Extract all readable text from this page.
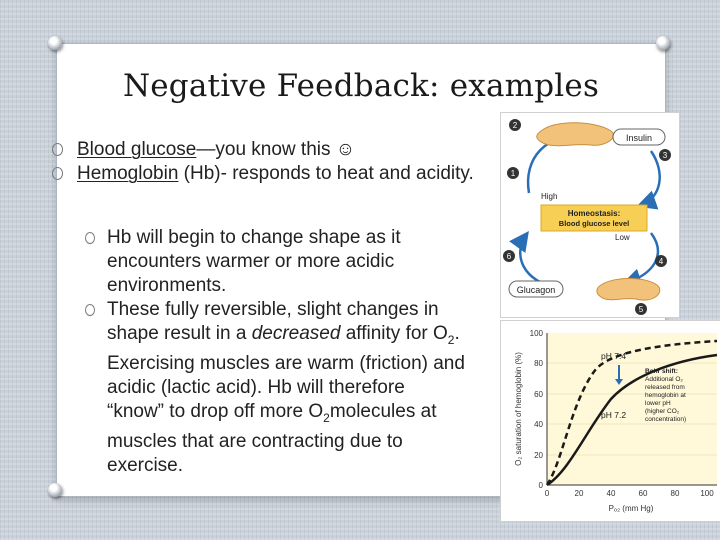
Negative Feedback: examples
Blood glucose—you know this ☺
Hemoglobin (Hb)- responds to heat and acidity.
Hb will begin to change shape as it encounters warmer or more acidic environments.
These fully reversible, slight changes in shape result in a decreased affinity for $O_2$. Exercising muscles are warm (friction) and acidic (lactic acid). Hb will therefore “know” to drop off more $O_2molecules$ at muscles that are contracting due to exercise.
Insulin
Glucagon
Homeostasis:
Blood glucose level
High
Low
2
1
3
6
4
5
0
20
40
60
80
100
0	20	40	60	80	100
O₂ saturation of hemoglobin (%)
Pₒ₂ (mm Hg)
pH 7.4
pH 7.2
Bohr shift:
Additional O₂
released from
hemoglobin at
lower pH
(higher CO₂
concentration)
